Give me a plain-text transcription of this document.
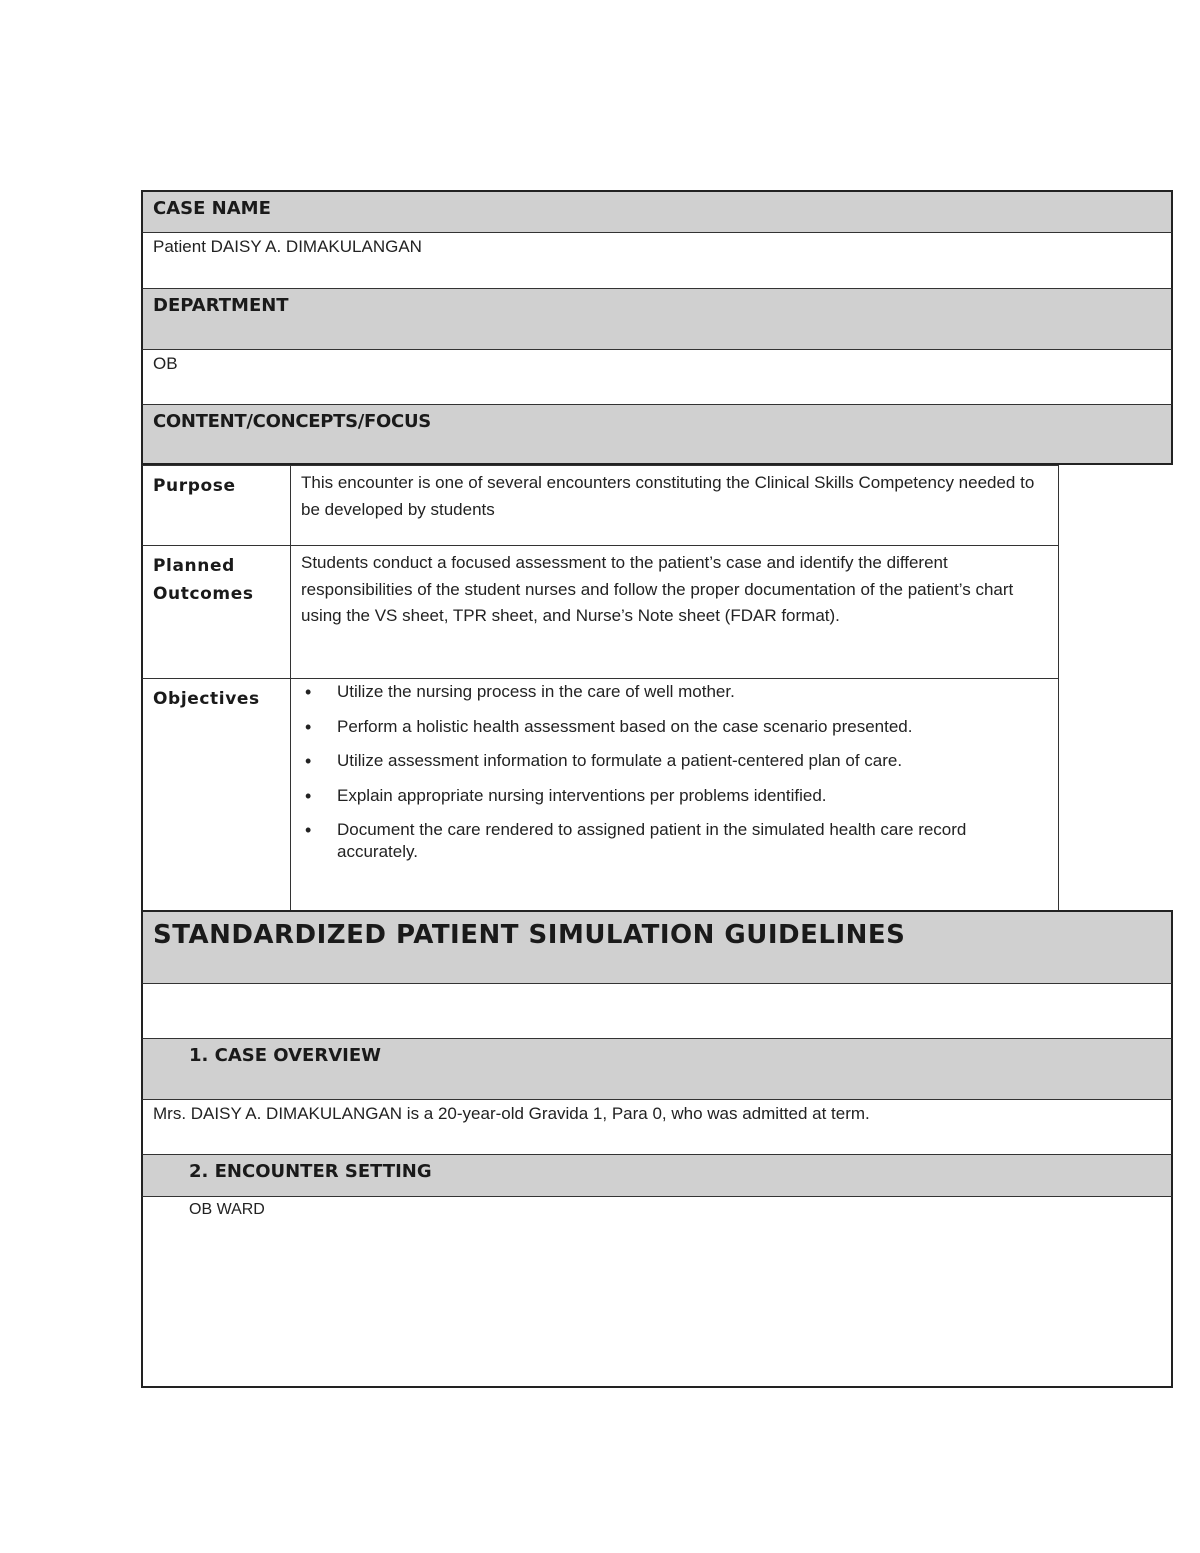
CASE NAME
Patient DAISY A. DIMAKULANGAN
DEPARTMENT
OB
CONTENT/CONCEPTS/FOCUS
Purpose	This encounter is one of several encounters constituting the Clinical Skills Competency needed to be developed by students
Planned
Outcomes
Students conduct a focused assessment to the patient’s case and identify the different responsibilities of the student nurses and follow the proper documentation of the patient’s chart using the VS sheet, TPR sheet, and Nurse’s Note sheet (FDAR format).
Objectives
•	Utilize the nursing process in the care of well mother.
• Perform a holistic health assessment based on the case scenario presented.
• Utilize assessment information to formulate a patient-centered plan of care.
• Explain appropriate nursing interventions per problems identified.
• Document the care rendered to assigned patient in the simulated health care record accurately.
STANDARDIZED PATIENT SIMULATION GUIDELINES
1. CASE OVERVIEW
Mrs. DAISY A. DIMAKULANGAN is a 20-year-old Gravida 1, Para 0, who was admitted at term.
2. ENCOUNTER SETTING
OB WARD
